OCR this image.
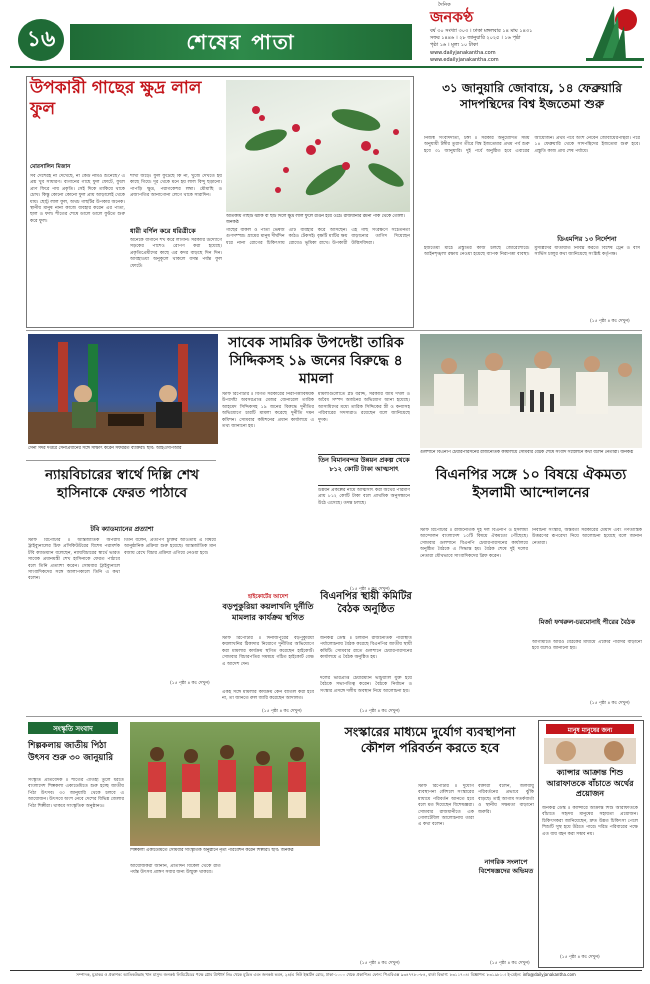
১৬	শেষের পাতা
দৈনিক
জনকণ্ঠ
বর্ষ ৩০ সংখ্যা ৩০৩ । ঢাকা মঙ্গলবার ১৪ মাঘ ১৪৩১
সফর ১৪৪৬ । ২৮ জানুয়ারি ২০২৫ । ১৬ পৃষ্ঠা
পৃষ্ঠা ১৬ । মূল্য ১০ টাকা
www.dailyjanakantha.com
www.edailyjanakantha.com
উপকারী গাছের ক্ষুদ্র লাল ফুল
মোরসালিন মিজান
সব দেশেরই না দেখেছে, না কেউ নামও শুনেছে? এ প্রশ্ন খুব সাধারণ। বাগানের গাছে ফুল ফোটে, ফুলে প্রাণ ফিরে পায় প্রকৃতি। সেই দিকে তাকিয়ে থাকে চোখ। কিন্তু কোনো কোনো ফুল প্রায় আড়ালেই থেকে যায়। ছোট্ট লাল ফুল, অথচ গাছটির উপকার অনেক। স্থানীয় মানুষ নানা কাজে ব্যবহার করেন এর পাতা, ছাল ও ফল। শীতের শেষে ডালে ডালে ফুটতে শুরু করে ফুল।
শাখা জড়ে। ফুল ফুটেছে কি না, খুঁজে দেখতে হয় কাছে গিয়ে। দূর থেকে মনে হয় লাল বিন্দু ছড়ানো। পাপড়ি ক্ষুদ্র, পরাগকেশর লম্বা। মৌমাছি ও প্রজাপতির আনাগোনা লেগে থাকে সারাদিন।
ধারী বর্ণিল করে ধরিত্রীকে
অনেকে বাগানে শখ করে লাগান। সরকারি উদ্যোগে সড়কের পাশেও রোপণ করা হয়েছে। প্রকৃতিপ্রেমীদের কাছে এর কদর বাড়ছে দিন দিন। আবহাওয়া অনুকূলে থাকলে বসন্ত পর্যন্ত ফুল ফোটে।
অতিকায় গাছটি ঝাঁকি বা ছাঁট দিলে ক্ষুদ্র লাল ফুলে রঙিন হয়ে ওঠে। রাজধানীর রমনা পার্ক থেকে তোলা। জনকণ্ঠ
গাছের বাকল ও পাতা ভেষজ গুণসম্পন্ন। গ্রামের মানুষ দীর্ঘদিন ধরে নানা রোগের চিকিৎসায় এটি ব্যবহার করে আসছেন। কাঠও টেকসই। বৃক্ষটি মাটির ক্ষয় রোধেও ভূমিকা রাখে। উপকারী এই গাছ সংরক্ষণে সচেতনতা বাড়ানোর তাগিদ দিয়েছেন উদ্ভিদবিদরা।
৩১ জানুয়ারি জোবায়ে, ১৪ ফেব্রুয়ারি সাদপন্থিদের বিশ্ব ইজতেমা শুরু
নিজস্ব সংবাদদাতা, টঙ্গী ॥ সরকার অনুমোদিত সময় অনুযায়ী টঙ্গীর তুরাগ তীরে বিশ্ব ইজতেমার প্রথম পর্ব শুরু হবে ৩১ জানুয়ারি। দুই পর্বে অনুষ্ঠিত হবে এবারের আয়োজন। প্রথম পর্বে অংশ নেবেন জোবায়েরপন্থিরা। পরে ১৪ ফেব্রুয়ারি থেকে সাদপন্থিদের ইজতেমা শুরু হবে। প্রস্তুতি কাজ প্রায় শেষ পর্যায়ে।
ডিএমপির ১৩ নির্দেশনা
ইজতেমা মাঠে প্রস্তুতির কাজ চলছে জোরেশোরে। আইনশৃঙ্খলা রক্ষায় নেওয়া হয়েছে ব্যাপক নিরাপত্তা ব্যবস্থা। মুসল্লিদের যাতায়াত নির্বিঘ্ন করতে বিশেষ ট্রেন ও বাস সার্ভিস চালুর কথা জানিয়েছে সংশ্লিষ্ট কর্তৃপক্ষ।
(১৫ পৃষ্ঠা ৪ কঃ দেখুন)
সেনা সদর দপ্তরে সেনাপ্রধানের সঙ্গে সাক্ষাৎ করেন সফররত ব্যক্তিরা। ছবি: আইএসপিআর
সাবেক সামরিক উপদেষ্টা তারিক সিদ্দিকসহ ১৯ জনের বিরুদ্ধে ৪ মামলা
স্টাফ রিপোর্টার ॥ বিগত সরকারের নিরাপত্তাবিষয়ক উপদেষ্টা অবসরপ্রাপ্ত মেজর জেনারেল তারিক আহমেদ সিদ্দিকসহ ১৯ জনের বিরুদ্ধে দুর্নীতির অভিযোগে চারটি মামলা করেছে দুর্নীতি দমন কমিশন। সোমবার কমিশনের প্রধান কার্যালয়ে এ তথ্য জানানো হয়।
মামলাগুলোতে প্লট বরাদ্দ, সরকারি জমি দখল ও অবৈধ সম্পদ অর্জনের অভিযোগ আনা হয়েছে। আসামিদের মধ্যে তারিক সিদ্দিকের স্ত্রী ও কন্যাসহ পরিবারের সদস্যরাও রয়েছেন বলে জানিয়েছে দুদক।
তিন বিমানবন্দর উন্নয়ন প্রকল্প থেকে ৮১২ কোটি টাকা আত্মসাৎ
উন্নয়ন প্রকল্পের নামে আত্মসাৎ করা অর্থের পরিমাণ প্রায় ৮১২ কোটি টাকা বলে প্রাথমিক অনুসন্ধানে উঠে এসেছে। তদন্ত চলছে।
(১৫ পৃষ্ঠা ৪ কঃ দেখুন)
গুলশানে বিএনপি চেয়ারপারসনের রাজনৈতিক কার্যালয়ে সোমবার বৈঠক শেষে সংবাদ সম্মেলনে কথা বলেন নেতারা। জনকণ্ঠ
বিএনপির সঙ্গে ১০ বিষয়ে ঐকমত্য ইসলামী আন্দোলনের
স্টাফ রিপোর্টার ॥ রাজনৈতিক দুই দল বিএনপি ও ইসলামী আন্দোলন বাংলাদেশ ১০টি বিষয়ে ঐকমত্যে পৌঁছেছে। সোমবার গুলশানে বিএনপি চেয়ারপারসনের কার্যালয়ে অনুষ্ঠিত বৈঠকে এ সিদ্ধান্ত হয়। বৈঠক শেষে দুই দলের নেতারা যৌথভাবে সাংবাদিকদের ব্রিফ করেন।
নির্বাচনী সংস্কার, অন্তর্বর্তী সরকারের মেয়াদ এবং গণতান্ত্রিক উত্তরণের রূপরেখা নিয়ে আলোচনা হয়েছে বলে জানান নেতারা।
মির্জা ফখরুল-চরমোনাই পীরের বৈঠক
আগামীতে আরও বৈঠকের মাধ্যমে ঐক্যের পরিসর বাড়ানো হবে বলেও জানানো হয়।
(১৫ পৃষ্ঠা ৪ কঃ দেখুন)
ন্যায়বিচারের স্বার্থে দিল্লি শেখ হাসিনাকে ফেরত পাঠাবে
টবি ক্যাডম্যানের প্রত্যাশা
স্টাফ রিপোর্টার ॥ আন্তর্জাতিক অপরাধ ট্রাইব্যুনালের চিফ প্রসিকিউটরের বিশেষ পরামর্শক টবি ক্যাডম্যান বলেছেন, ন্যায়বিচারের স্বার্থে ভারত সাবেক প্রধানমন্ত্রী শেখ হাসিনাকে ফেরত পাঠাবে বলে তিনি প্রত্যাশা করেন। সোমবার ট্রাইব্যুনালে সাংবাদিকদের সঙ্গে আলাপকালে তিনি এ কথা বলেন।
তিনি বলেন, প্রত্যর্পণ চুক্তির আওতায় এ বিষয়ে আনুষ্ঠানিক প্রক্রিয়া শুরু হয়েছে। আন্তর্জাতিক মান বজায় রেখে বিচার প্রক্রিয়া এগিয়ে নেওয়া হবে।
(১৫ পৃষ্ঠা ৪ কঃ দেখুন)
হাইকোর্টের আদেশ
বড়পুকুরিয়া কয়লাখনি দুর্নীতি মামলার কার্যক্রম স্থগিত
স্টাফ রিপোর্টার ॥ দিনাজপুরের বড়পুকুরিয়া কয়লাখনির ঠিকাদার নিয়োগে দুর্নীতির অভিযোগে করা মামলার কার্যক্রম স্থগিত করেছেন হাইকোর্ট। সোমবার বিচারপতির সমন্বয়ে গঠিত হাইকোর্ট বেঞ্চ এ আদেশ দেন।
একই সঙ্গে মামলার কার্যক্রম কেন বাতিল করা হবে না, তা জানতে রুল জারি করেছেন আদালত।
(১৫ পৃষ্ঠা ৪ কঃ দেখুন)
বিএনপির স্থায়ী কমিটির বৈঠক অনুষ্ঠিত
জনকণ্ঠ ডেস্ক ॥ চলমান রাজনৈতিক পরিস্থিতি পর্যালোচনায় বৈঠক করেছে বিএনপির জাতীয় স্থায়ী কমিটি। সোমবার রাতে গুলশানে চেয়ারপারসনের কার্যালয়ে এ বৈঠক অনুষ্ঠিত হয়।
দলের ভারপ্রাপ্ত চেয়ারম্যান ভার্চুয়ালি যুক্ত হয়ে বৈঠকে সভাপতিত্ব করেন। বৈঠকে নির্বাচন ও সংস্কার প্রসঙ্গে দলীয় অবস্থান নিয়ে আলোচনা হয়।
(১৫ পৃষ্ঠা ৪ কঃ দেখুন)
সংস্কৃতি সংবাদ
শিল্পকলায় জাতীয় পিঠা উৎসব শুরু ৩০ জানুয়ারি
সংস্কৃতি প্রতিবেদক ॥ শীতের ঐতিহ্য তুলে ধরতে বাংলাদেশ শিল্পকলা একাডেমিতে শুরু হচ্ছে জাতীয় পিঠা উৎসব। ৩০ জানুয়ারি থেকে চলবে এ আয়োজন। উৎসবে অংশ নেবে দেশের বিভিন্ন জেলার পিঠা শিল্পীরা। থাকবে সাংস্কৃতিক অনুষ্ঠানও।
শিল্পকলা একাডেমিতে সোমবার সাংস্কৃতিক অনুষ্ঠানে নৃত্য পরিবেশন করেন শিল্পীরা। ছবি: জনকণ্ঠ
আয়োজকরা জানান, প্রতিদিন বিকেল থেকে রাত পর্যন্ত উৎসব প্রাঙ্গণ সবার জন্য উন্মুক্ত থাকবে।
(১৫ পৃষ্ঠা ৪ কঃ দেখুন)
সংস্কারের মাধ্যমে দুর্যোগ ব্যবস্থাপনা কৌশল পরিবর্তন করতে হবে
স্টাফ রিপোর্টার ॥ দুর্যোগ ব্যবস্থাপনা কৌশলে সংস্কারের মাধ্যমে পরিবর্তন আনতে হবে বলে মত দিয়েছেন বিশেষজ্ঞরা। সোমবার রাজধানীতে এক গোলটেবিল আলোচনায় তারা এ কথা বলেন।
বক্তারা বলেন, জলবায়ু পরিবর্তনের প্রভাবে ঝুঁকি বাড়ছে। তাই আগাম সতর্কবার্তা ও স্থানীয় সক্ষমতা বাড়ানো জরুরি।
নাগরিক সংলাপে বিশেষজ্ঞদের অভিমত
(১৫ পৃষ্ঠা ৪ কঃ দেখুন)
মানুষ মানুষের জন্য
ক্যান্সার আক্রান্ত শিশু আরাফাতকে বাঁচাতে অর্থের প্রয়োজন
জনকণ্ঠ ডেস্ক ॥ ক্যান্সারে আক্রান্ত শিশু আরাফাতকে বাঁচাতে সহৃদয় মানুষের সহায়তা প্রয়োজন। চিকিৎসকরা জানিয়েছেন, দ্রুত উন্নত চিকিৎসা পেলে শিশুটি সুস্থ হয়ে উঠতে পারে। দরিদ্র পরিবারের পক্ষে এত ব্যয় বহন করা সম্ভব নয়।
(১৫ পৃষ্ঠা ৪ কঃ দেখুন)
সম্পাদক, মুদ্রাকর ও প্রকাশক: আতিকউল্লাহ খান মাসুদ। জনকণ্ঠ লিমিটেডের পক্ষে গ্লোব প্রিন্টার্স লিঃ থেকে মুদ্রিত এবং জনকণ্ঠ ভবন, ২৪/এ নিউ ইস্কাটন রোড, ঢাকা-১০০০ থেকে প্রকাশিত। ফোন: পিএবিএক্স ৯৩৪৭৭৮০-৮৪, বার্তা বিভাগ: ৮৩১১৭০৪। বিজ্ঞাপন: ৮৩১৯৮১০। ই-মেইল: info@dailyjanakantha.com
